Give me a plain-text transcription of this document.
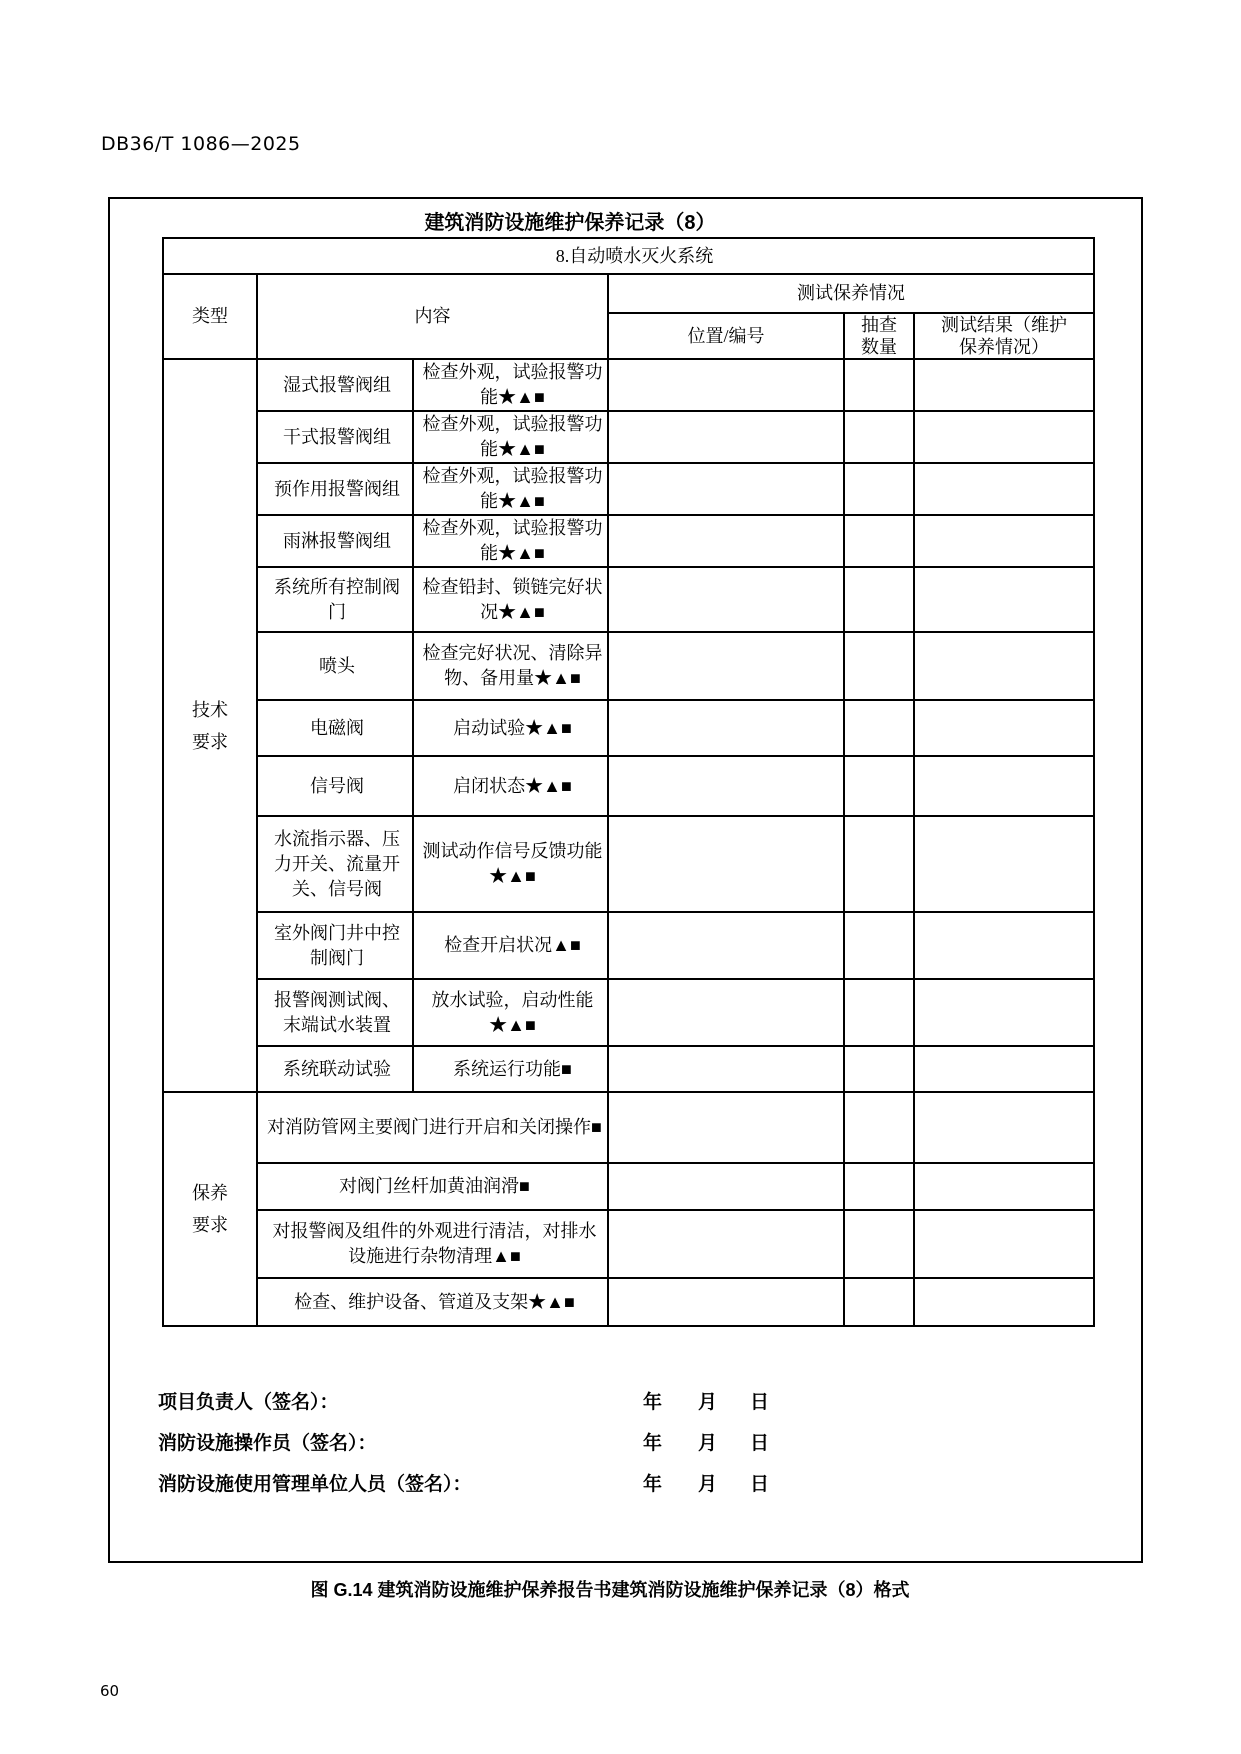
DB36/T 1086—2025
建筑消防设施维护保养记录（8）
8.自动喷水灭火系统					
类型	内容		测试保养情况		
			位置/编号	抽查数量	测试结果（维护保养情况）

技术要求	湿式报警阀组	检查外观，试验报警功能★▲■			
	干式报警阀组	检查外观，试验报警功能★▲■			
	预作用报警阀组	检查外观，试验报警功能★▲■			
	雨淋报警阀组	检查外观，试验报警功能★▲■			
	系统所有控制阀门	检查铅封、锁链完好状况★▲■			
	喷头	检查完好状况、清除异物、备用量★▲■			
	电磁阀	启动试验★▲■			
	信号阀	启闭状态★▲■			
	水流指示器、压力开关、流量开关、信号阀	测试动作信号反馈功能★▲■			
	室外阀门井中控制阀门	检查开启状况▲■			
	报警阀测试阀、末端试水装置	放水试验，启动性能★▲■			
	系统联动试验	系统运行功能■			

保养要求	对消防管网主要阀门进行开启和关闭操作■				
	对阀门丝杆加黄油润滑■				
	对报警阀及组件的外观进行清洁，对排水设施进行杂物清理▲■				
	检查、维护设备、管道及支架★▲■				
项目负责人（签名）：	年 月 日
消防设施操作员（签名）：	年 月 日
消防设施使用管理单位人员（签名）：	年 月 日
图 G.14 建筑消防设施维护保养报告书建筑消防设施维护保养记录（8）格式
60
